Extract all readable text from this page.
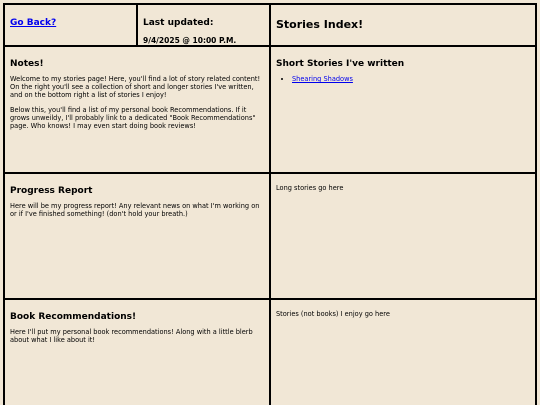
Go Back?	Last updated:
9/4/2025 @ 10:00 P.M.
Stories Index!
Notes!

Welcome to my stories page! Here, you'll find a lot of story related content! On the right you'll see a collection of short and longer stories I've written, and on the bottom right a list of stories I enjoy!

Below this, you'll find a list of my personal book Recommendations. If it grows unweildy, I'll probably link to a dedicated "Book Recommendations" page. Who knows! I may even start doing book reviews!

Short Stories I've written
• Shearing Shadows
Progress Report

Here will be my progress report! Any relevant news on what I'm working on or if I've finished something! (don't hold your breath.)

Long stories go here
Book Recommendations!

Here I'll put my personal book recommendations! Along with a little blerb about what I like about it!

Stories (not books) I enjoy go here
